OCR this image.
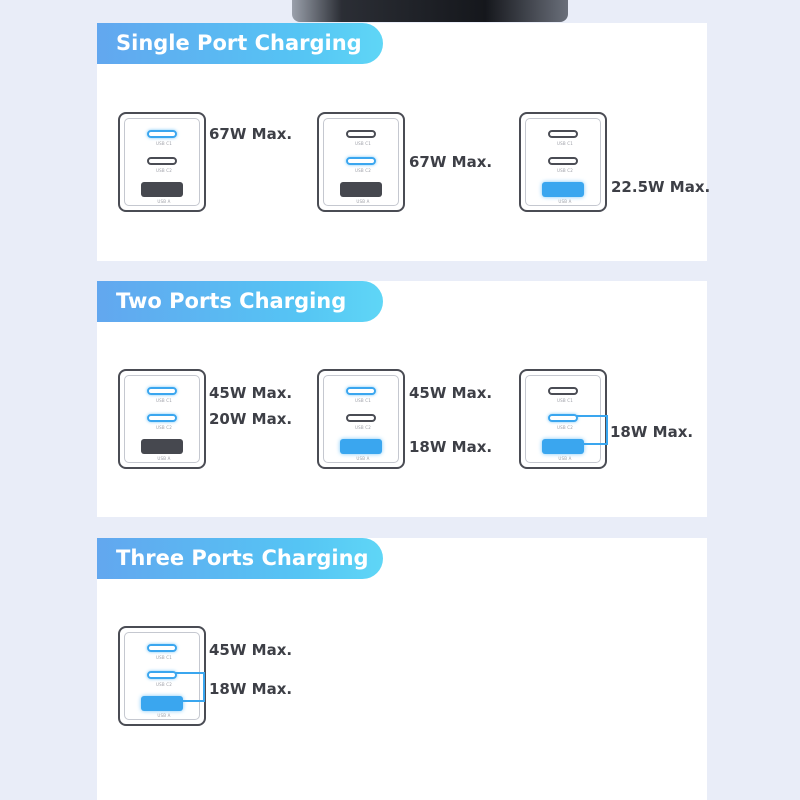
Single Port Charging
USB C1
USB C2
USB A
67W Max.
USB C1
USB C2
USB A
67W Max.
USB C1
USB C2
USB A
22.5W Max.
Two Ports Charging
USB C1
USB C2
USB A
45W Max.
20W Max.
USB C1
USB C2
USB A
45W Max.
18W Max.
USB C1
USB C2
USB A
18W Max.
Three Ports Charging
USB C1
USB C2
USB A
45W Max.
18W Max.
